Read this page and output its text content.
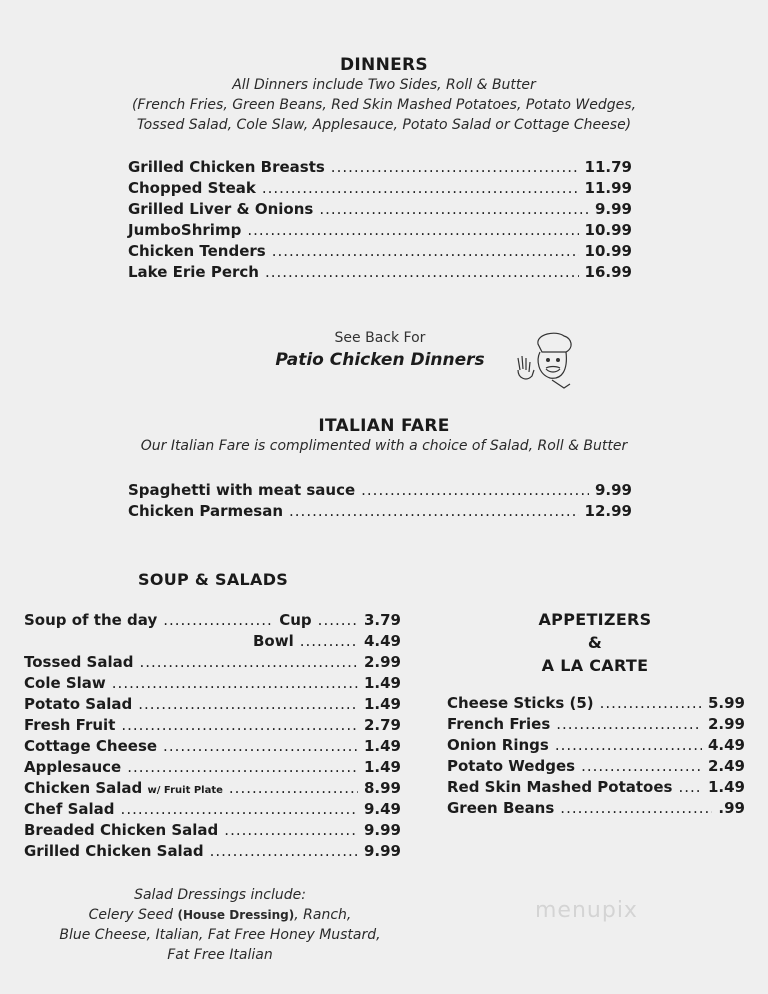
DINNERS
All Dinners include Two Sides, Roll & Butter
(French Fries, Green Beans, Red Skin Mashed Potatoes, Potato Wedges,
Tossed Salad, Cole Slaw, Applesauce, Potato Salad or Cottage Cheese)
Grilled Chicken Breasts .....	11.79
Chopped Steak .....	11.99
Grilled Liver & Onions .....	9.99
JumboShrimp .....	10.99
Chicken Tenders .....	10.99
Lake Erie Perch .....	16.99
See Back For
Patio Chicken Dinners
ITALIAN FARE
Our Italian Fare is complimented with a choice of Salad, Roll & Butter
Spaghetti with meat sauce .....	9.99
Chicken Parmesan .....	12.99
SOUP & SALADS
Soup of the day .....	Cup .....	3.79
Bowl .....	4.49
Tossed Salad .....	2.99
Cole Slaw .....	1.49
Potato Salad .....	1.49
Fresh Fruit .....	2.79
Cottage Cheese .....	1.49
Applesauce .....	1.49
Chicken Salad w/ Fruit Plate .....	8.99
Chef Salad .....	9.49
Breaded Chicken Salad .....	9.99
Grilled Chicken Salad .....	9.99
Salad Dressings include:
Celery Seed (House Dressing), Ranch,
Blue Cheese, Italian, Fat Free Honey Mustard,
Fat Free Italian
APPETIZERS
&
A LA CARTE
Cheese Sticks (5) .....	5.99
French Fries .....	2.99
Onion Rings .....	4.49
Potato Wedges .....	2.49
Red Skin Mashed Potatoes .....	1.49
Green Beans .....	.99
menupix
